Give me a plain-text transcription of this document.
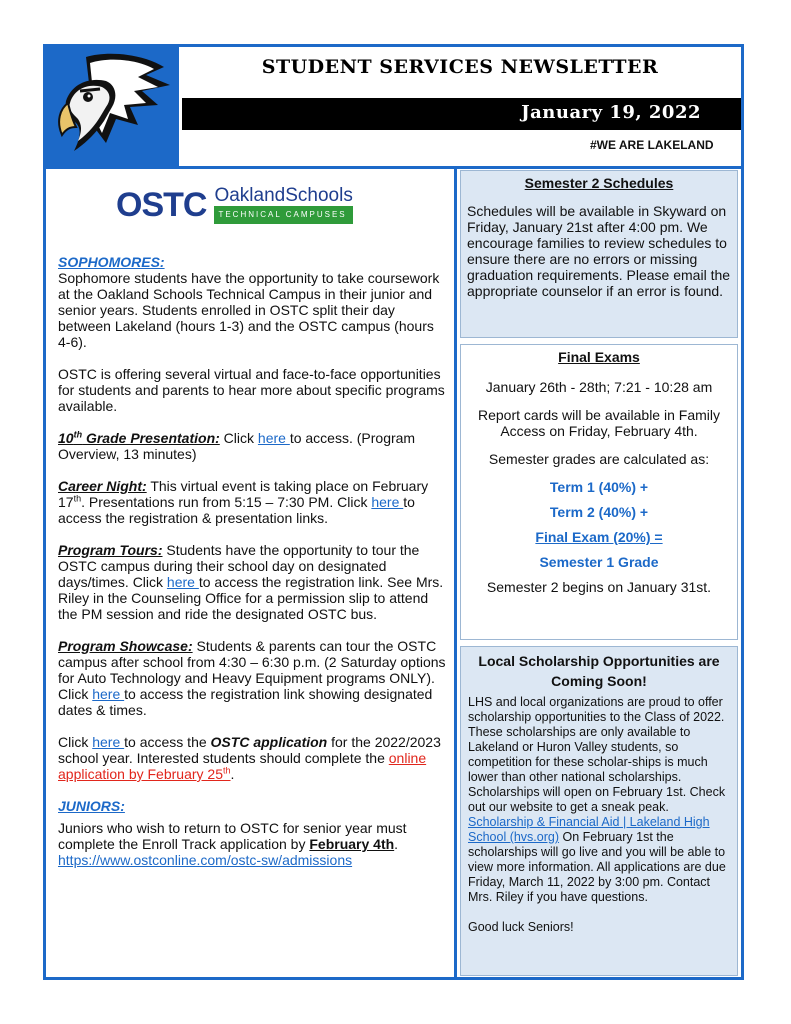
STUDENT SERVICES NEWSLETTER
January 19, 2022
#WE ARE LAKELAND
OSTC OaklandSchools
TECHNICAL CAMPUSES
SOPHOMORES:
Sophomore students have the opportunity to take coursework at the Oakland Schools Technical Campus in their junior and senior years. Students enrolled in OSTC split their day between Lakeland (hours 1-3) and the OSTC campus (hours 4-6).
OSTC is offering several virtual and face-to-face opportunities for students and parents to hear more about specific programs available.
10th Grade Presentation: Click here to access. (Program Overview, 13 minutes)
Career Night: This virtual event is taking place on February 17th. Presentations run from 5:15 – 7:30 PM. Click here to access the registration & presentation links.
Program Tours: Students have the opportunity to tour the OSTC campus during their school day on designated days/times. Click here to access the registration link. See Mrs. Riley in the Counseling Office for a permission slip to attend the PM session and ride the designated OSTC bus.
Program Showcase: Students & parents can tour the OSTC campus after school from 4:30 – 6:30 p.m. (2 Saturday options for Auto Technology and Heavy Equipment programs ONLY). Click here to access the registration link showing designated dates & times.
Click here to access the OSTC application for the 2022/2023 school year. Interested students should complete the online application by February 25th.
JUNIORS:
Juniors who wish to return to OSTC for senior year must complete the Enroll Track application by February 4th.
https://www.ostconline.com/ostc-sw/admissions
Semester 2 Schedules
Schedules will be available in Skyward on Friday, January 21st after 4:00 pm. We encourage families to review schedules to ensure there are no errors or missing graduation requirements. Please email the appropriate counselor if an error is found.

Final Exams

January 26th - 28th; 7:21 - 10:28 am

Report cards will be available in Family Access on Friday, February 4th.

Semester grades are calculated as:

Term 1 (40%) +

Term 2 (40%) +

Final Exam (20%) =

Semester 1 Grade

Semester 2 begins on January 31st.

Local Scholarship Opportunities are Coming Soon!
LHS and local organizations are proud to offer scholarship opportunities to the Class of 2022. These scholarships are only available to Lakeland or Huron Valley students, so competition for these scholar-ships is much lower than other national scholarships. Scholarships will open on February 1st. Check out our website to get a sneak peak. Scholarship & Financial Aid | Lakeland High School (hvs.org) On February 1st the scholarships will go live and you will be able to view more information. All applications are due Friday, March 11, 2022 by 3:00 pm. Contact Mrs. Riley if you have questions.
Good luck Seniors!
